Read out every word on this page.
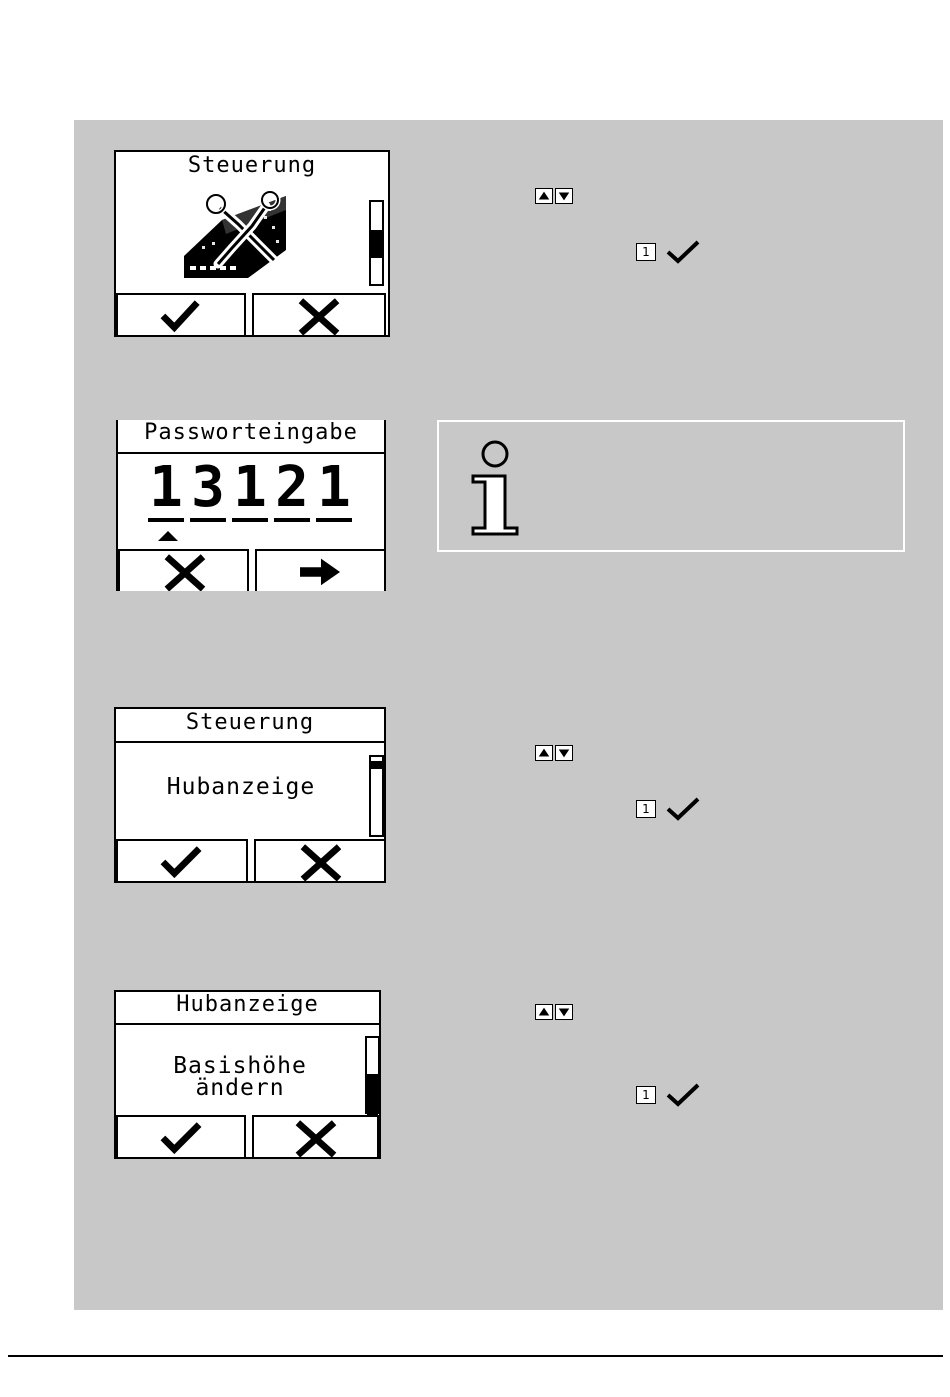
Steuerung
1
Passworteingabe
1 3 1 2 1
Steuerung
Hubanzeige
1
Hubanzeige
Basishöhe
ändern	1
